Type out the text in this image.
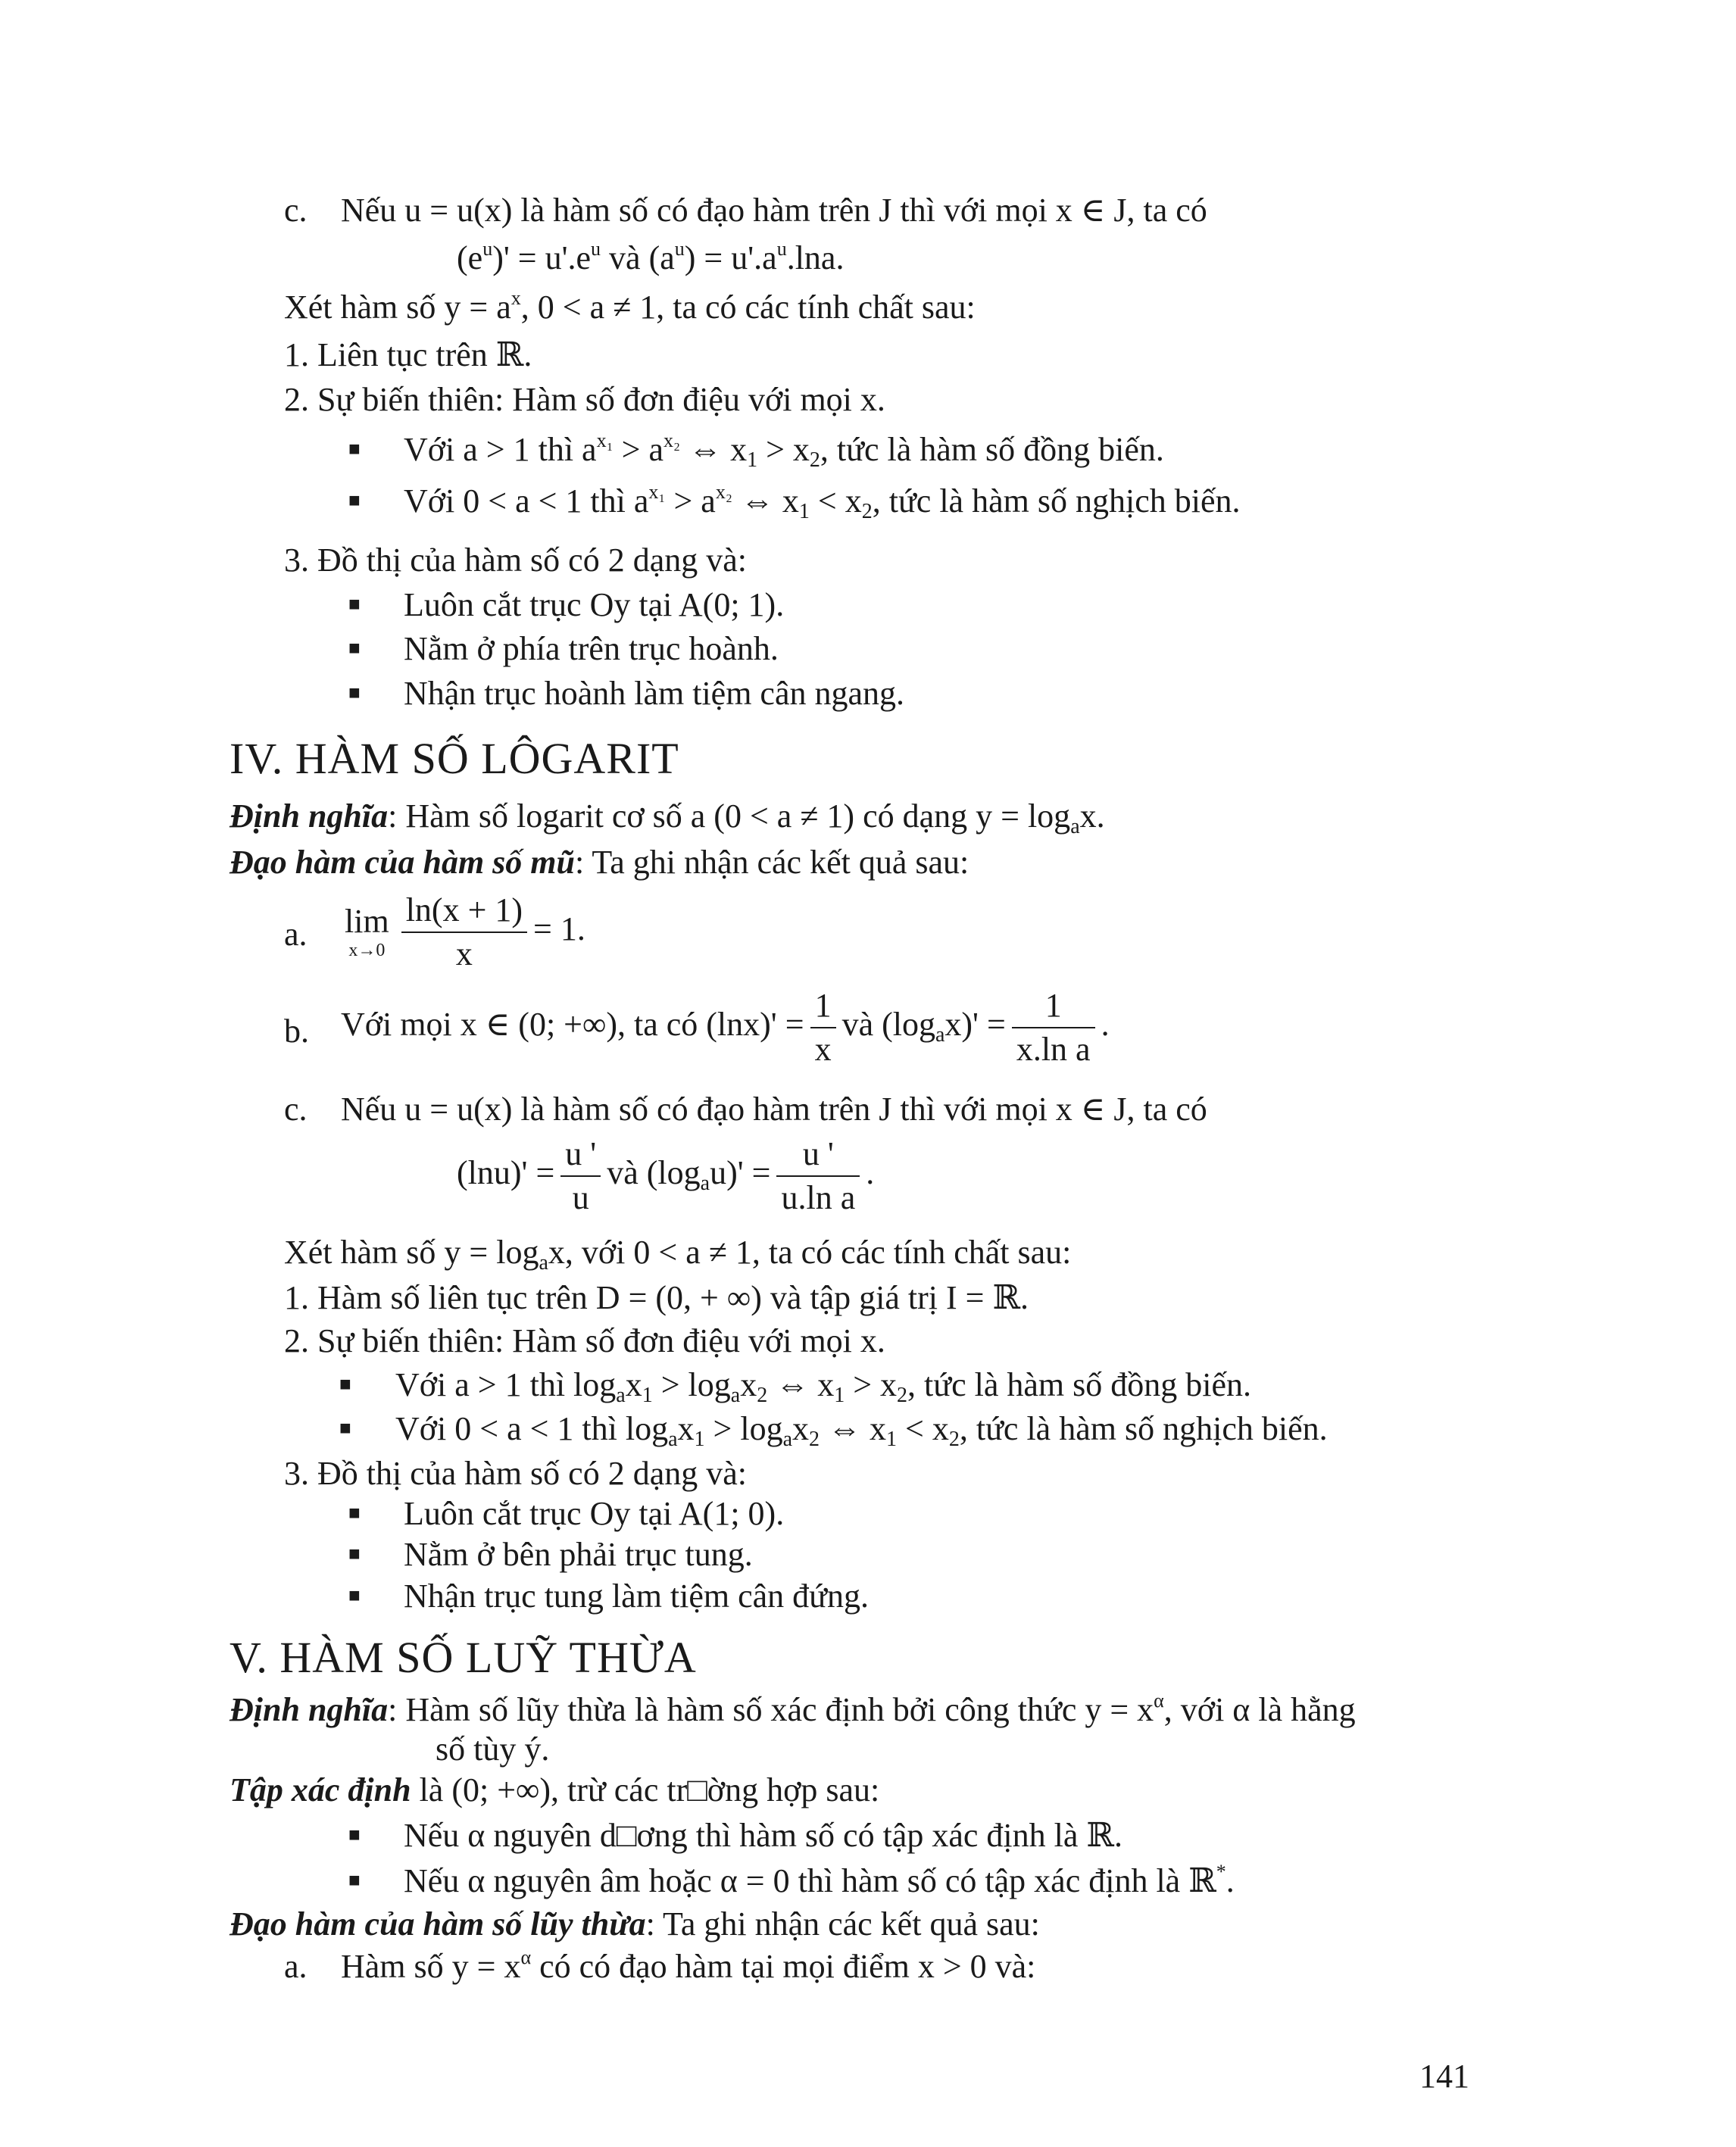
c. Nếu u = u(x) là hàm số có đạo hàm trên J thì với mọi x ∈ J, ta có
$(e^u)' = u'.e^u$ và $(a^u) = u'.a^u.\ln a$.
Xét hàm số $y = a^x$, 0 < a ≠ 1, ta có các tính chất sau:
1. Liên tục trên ℝ.
2. Sự biến thiên: Hàm số đơn điệu với mọi x.
■ Với a > 1 thì $a^{x_1} > a^{x_2}$ ⇔ $x_1 > x_2$, tức là hàm số đồng biến.
■ Với 0 < a < 1 thì $a^{x_1} > a^{x_2}$ ⇔ $x_1 < x_2$, tức là hàm số nghịch biến.
3. Đồ thị của hàm số có 2 dạng và:
■ Luôn cắt trục Oy tại A(0; 1).
■ Nằm ở phía trên trục hoành.
■ Nhận trục hoành làm tiệm cân ngang.
IV. HÀM SỐ LÔGARIT
Định nghĩa: Hàm số logarit cơ số a (0 < a ≠ 1) có dạng $y = \log_ax$.
Đạo hàm của hàm số mũ: Ta ghi nhận các kết quả sau:
a. lim
$x\to 0 \frac{\ln(x + 1)}{x} = 1$.
b. Với mọi x ∈ (0; +∞), ta có $(\ln x)' = \frac{1}{x}$ và $(\log_ax)' = \frac{1}{\text{x.ln a}}$ .
c. Nếu u = u(x) là hàm số có đạo hàm trên J thì với mọi x ∈ J, ta có
$(\ln u)' = \frac{u '}{u}$ và $(\log_au)' = \frac{u '}{\text{u.ln a}}$ .
Xét hàm số $y = \log_ax$, với 0 < a ≠ 1, ta có các tính chất sau:
1. Hàm số liên tục trên D = (0, + ∞) và tập giá trị I = ℝ.
2. Sự biến thiên: Hàm số đơn điệu với mọi x.
■ Với a > 1 thì $\log_ax_1 > \log_ax_2$ ⇔ $x_1 > x_2$, tức là hàm số đồng biến.
■ Với 0 < a < 1 thì $\log_ax_1 > \log_ax_2$ ⇔ $x_1 < x_2$, tức là hàm số nghịch biến.
3. Đồ thị của hàm số có 2 dạng và:
■ Luôn cắt trục Oy tại A(1; 0).
■ Nằm ở bên phải trục tung.
■ Nhận trục tung làm tiệm cân đứng.
V. HÀM SỐ LUỸ THỪA
Định nghĩa: Hàm số lũy thừa là hàm số xác định bởi công thức $y = x^\alpha$, với α là hằng
số tùy ý.
Tập xác định là (0; +∞), trừ các tr□ờng hợp sau:
■ Nếu α nguyên d□ơng thì hàm số có tập xác định là ℝ.
■ Nếu α nguyên âm hoặc α = 0 thì hàm số có tập xác định là ℝ*.
Đạo hàm của hàm số lũy thừa: Ta ghi nhận các kết quả sau:
a. Hàm số $y = x^\alpha$ có có đạo hàm tại mọi điểm x > 0 và:
141
